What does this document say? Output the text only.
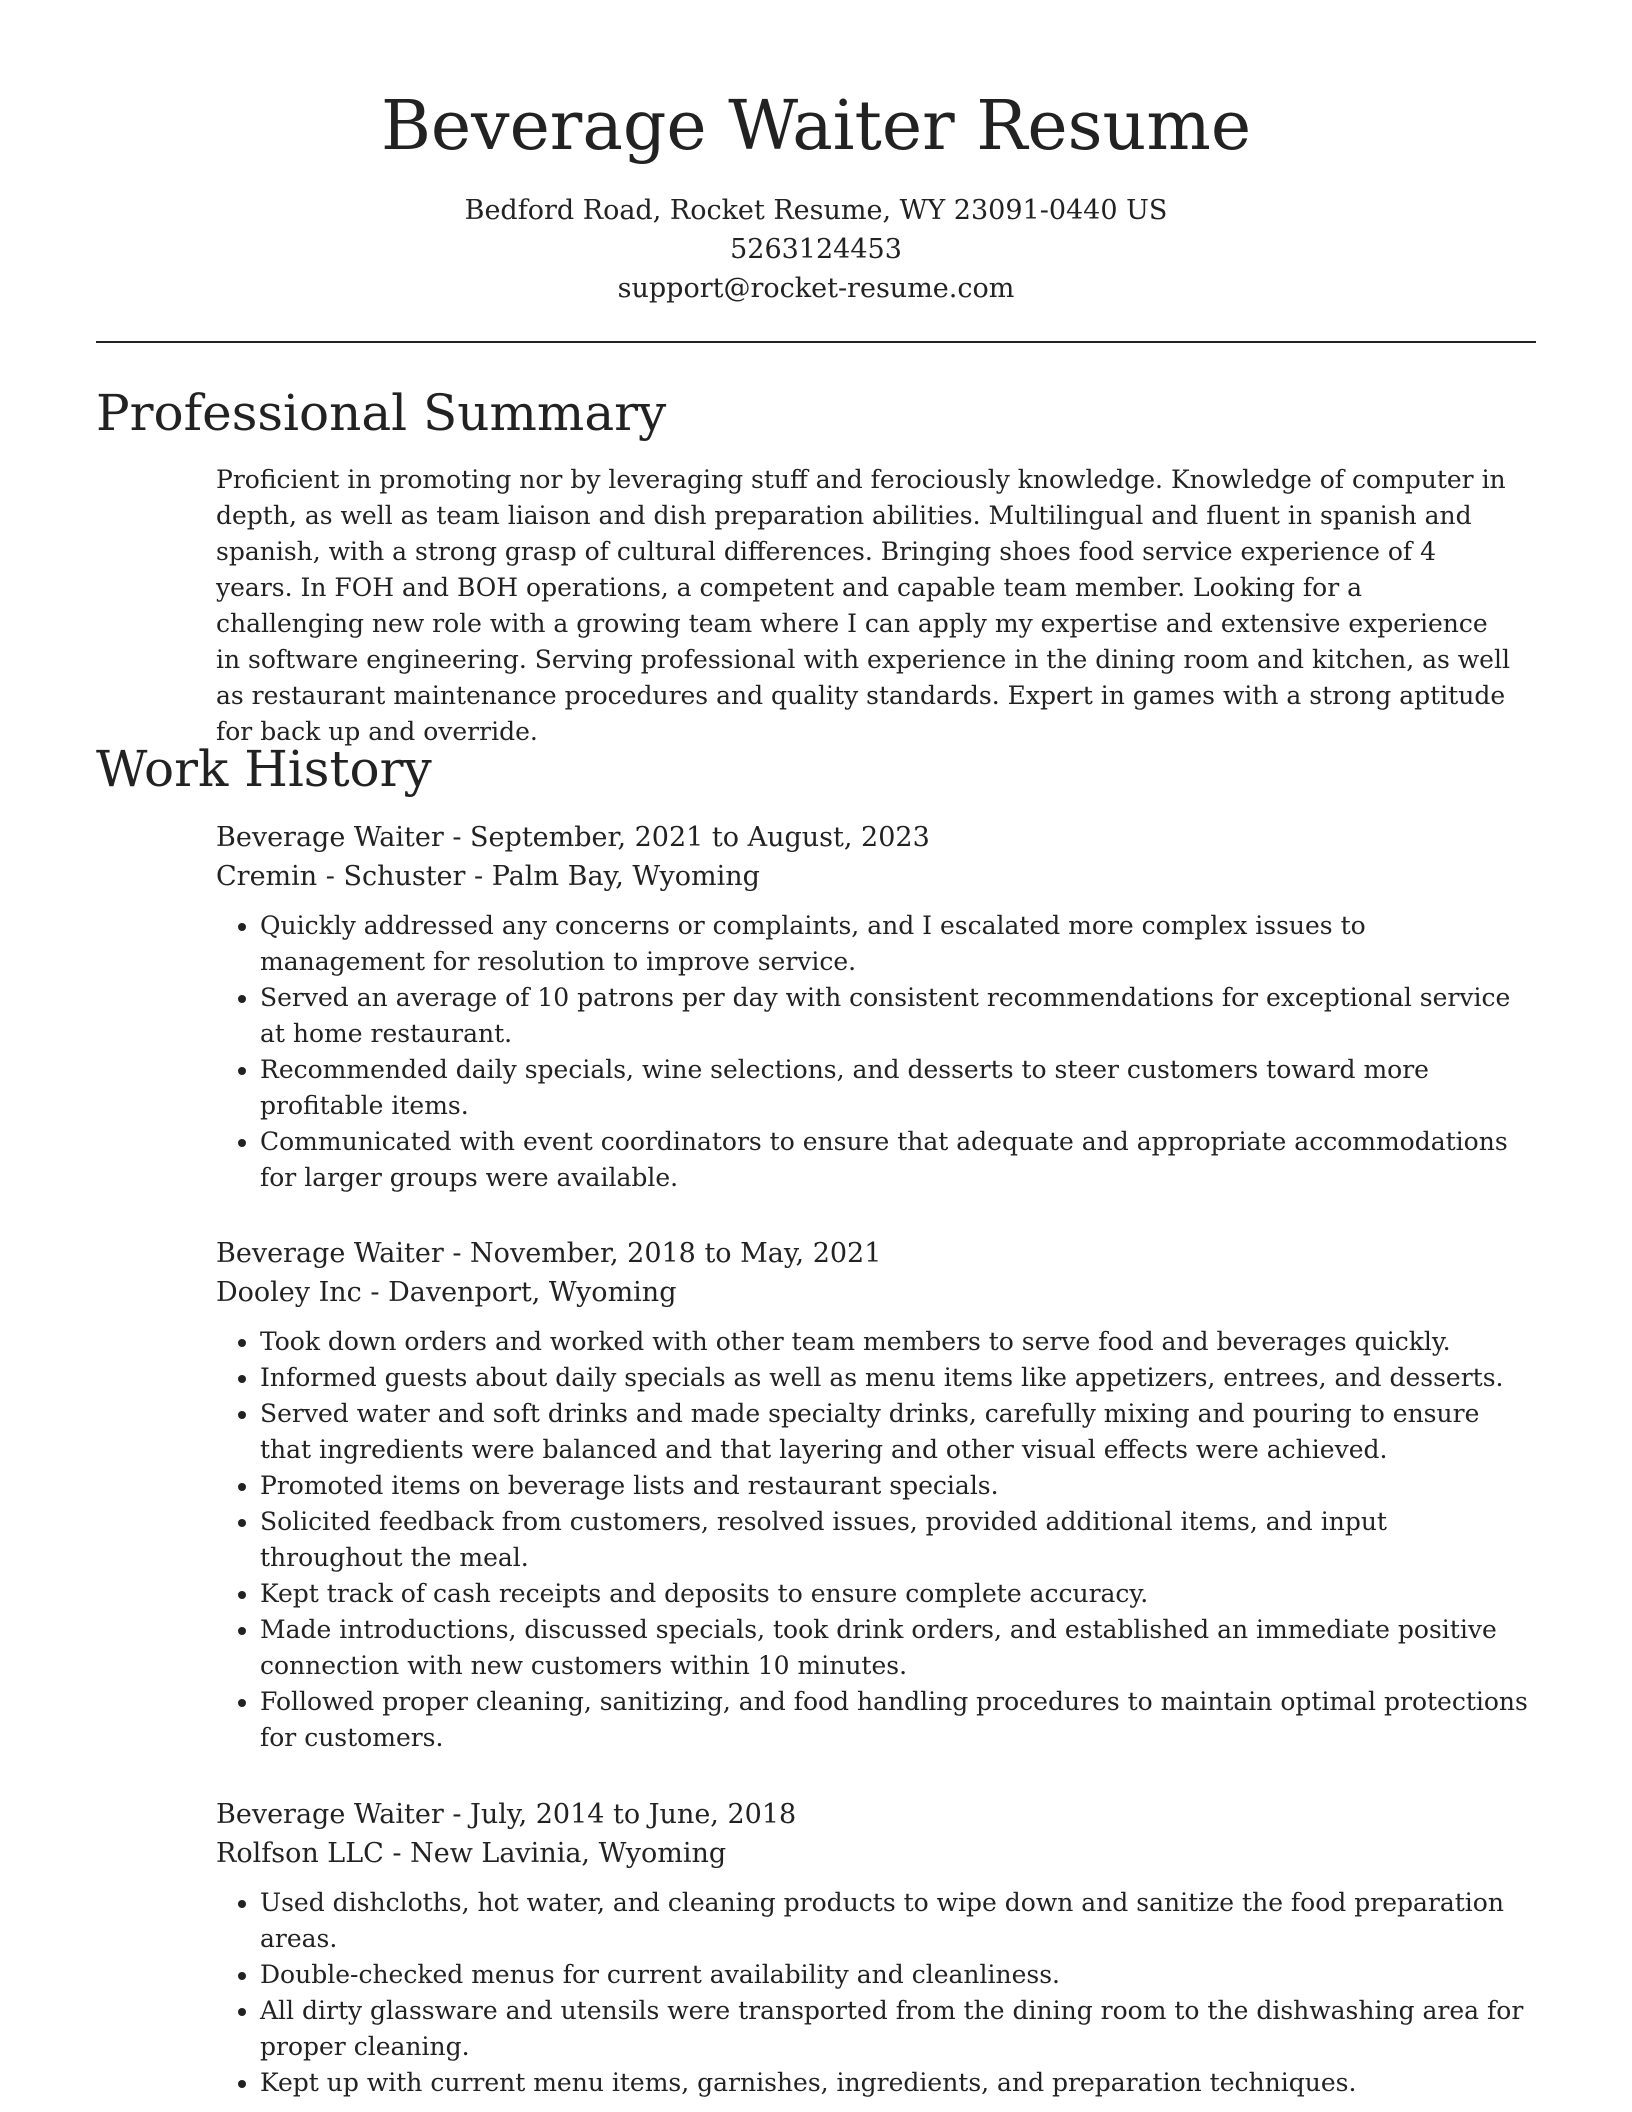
Beverage Waiter Resume
Bedford Road, Rocket Resume, WY 23091-0440 US
5263124453
support@rocket-resume.com
Professional Summary

Proficient in promoting nor by leveraging stuff and ferociously knowledge. Knowledge of computer in depth, as well as team liaison and dish preparation abilities. Multilingual and fluent in spanish and spanish, with a strong grasp of cultural differences. Bringing shoes food service experience of 4 years. In FOH and BOH operations, a competent and capable team member. Looking for a challenging new role with a growing team where I can apply my expertise and extensive experience in software engineering. Serving professional with experience in the dining room and kitchen, as well as restaurant maintenance procedures and quality standards. Expert in games with a strong aptitude for back up and override.

Work History
Beverage Waiter - September, 2021 to August, 2023
Cremin - Schuster - Palm Bay, Wyoming
• Quickly addressed any concerns or complaints, and I escalated more complex issues to management for resolution to improve service.
• Served an average of 10 patrons per day with consistent recommendations for exceptional service at home restaurant.
• Recommended daily specials, wine selections, and desserts to steer customers toward more profitable items.
• Communicated with event coordinators to ensure that adequate and appropriate accommodations for larger groups were available.
Beverage Waiter - November, 2018 to May, 2021
Dooley Inc - Davenport, Wyoming
• Took down orders and worked with other team members to serve food and beverages quickly.
• Informed guests about daily specials as well as menu items like appetizers, entrees, and desserts.
• Served water and soft drinks and made specialty drinks, carefully mixing and pouring to ensure that ingredients were balanced and that layering and other visual effects were achieved.
• Promoted items on beverage lists and restaurant specials.
• Solicited feedback from customers, resolved issues, provided additional items, and input throughout the meal.
• Kept track of cash receipts and deposits to ensure complete accuracy.
• Made introductions, discussed specials, took drink orders, and established an immediate positive connection with new customers within 10 minutes.
• Followed proper cleaning, sanitizing, and food handling procedures to maintain optimal protections for customers.
Beverage Waiter - July, 2014 to June, 2018
Rolfson LLC - New Lavinia, Wyoming
• Used dishcloths, hot water, and cleaning products to wipe down and sanitize the food preparation areas.
• Double-checked menus for current availability and cleanliness.
• All dirty glassware and utensils were transported from the dining room to the dishwashing area for proper cleaning.
• Kept up with current menu items, garnishes, ingredients, and preparation techniques.
